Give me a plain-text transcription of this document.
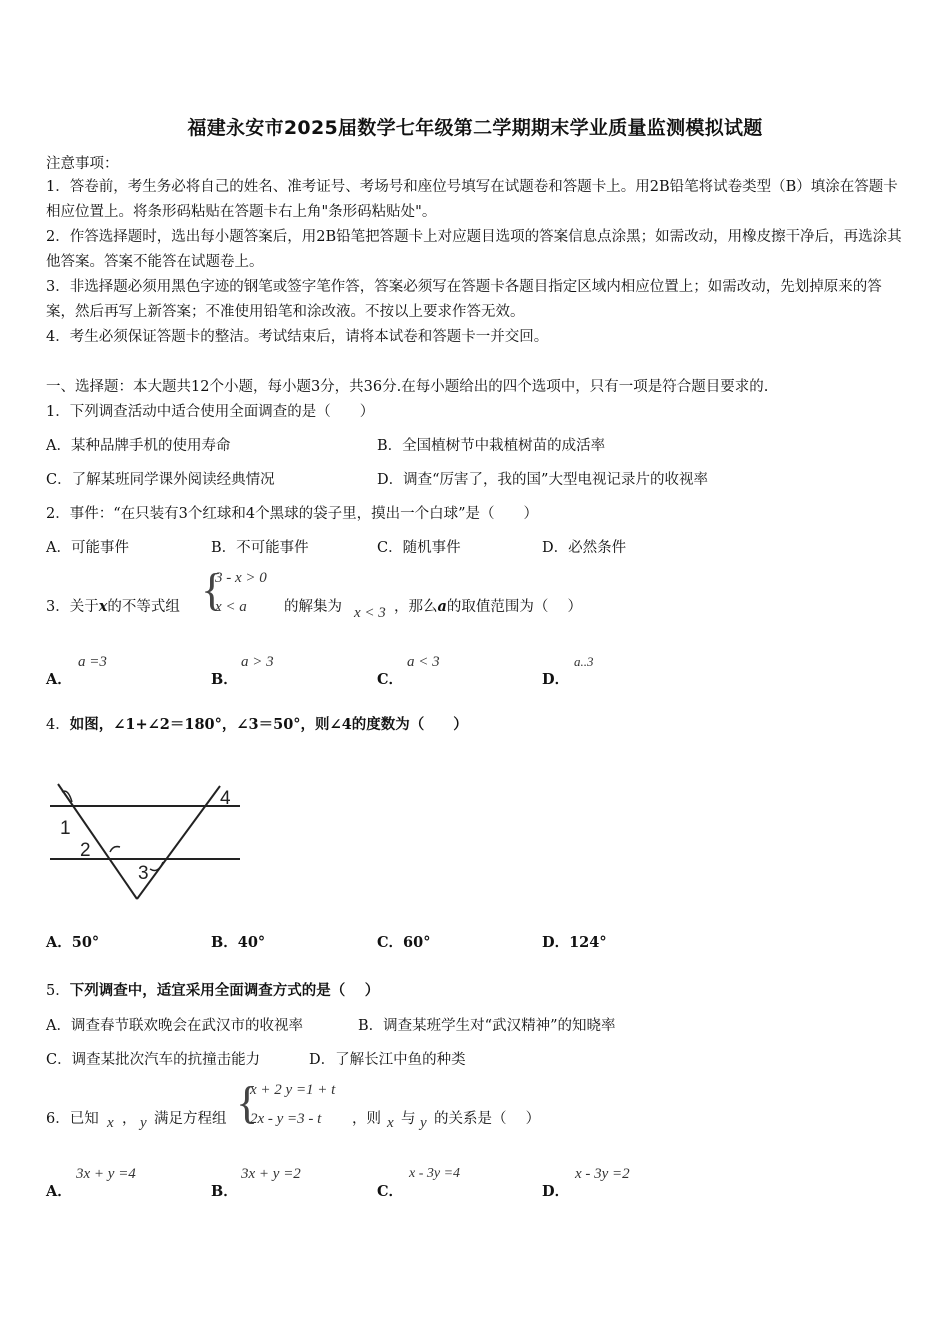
福建永安市2025届数学七年级第二学期期末学业质量监测模拟试题
注意事项：
1．答卷前，考生务必将自己的姓名、准考证号、考场号和座位号填写在试题卷和答题卡上。用2B铅笔将试卷类型（B）填涂在答题卡相应位置上。将条形码粘贴在答题卡右上角"条形码粘贴处"。
2．作答选择题时，选出每小题答案后，用2B铅笔把答题卡上对应题目选项的答案信息点涂黑；如需改动，用橡皮擦干净后，再选涂其他答案。答案不能答在试题卷上。
3．非选择题必须用黑色字迹的钢笔或签字笔作答，答案必须写在答题卡各题目指定区域内相应位置上；如需改动，先划掉原来的答案，然后再写上新答案；不准使用铅笔和涂改液。不按以上要求作答无效。
4．考生必须保证答题卡的整洁。考试结束后，请将本试卷和答题卡一并交回。
一、选择题：本大题共12个小题，每小题3分，共36分.在每小题给出的四个选项中，只有一项是符合题目要求的.
1．下列调查活动中适合使用全面调查的是（　　）
A．某种品牌手机的使用寿命	B．全国植树节中栽植树苗的成活率
C．了解某班同学课外阅读经典情况	D．调查“厉害了，我的国”大型电视记录片的收视率
2．事件：“在只装有3个红球和4个黑球的袋子里，摸出一个白球”是（　　）
A．可能事件	B．不可能事件	C．随机事件	D．必然条件
3．关于x的不等式组 {
3 - x > 0
x < a	的解集为 x < 3 ，那么a的取值范围为（　 ）
A．
a =3
B．
a > 3
C．
a < 3
D．
a..3
4．如图，∠1+∠2＝180°，∠3＝50°，则∠4的度数为（　　）
1
2
3
4
A．50°	B．40°	C．60°	D．124°
5．下列调查中，适宜采用全面调查方式的是（　 ）
A．调查春节联欢晚会在武汉市的收视率	B．调查某班学生对“武汉精神”的知晓率
C．调查某批次汽车的抗撞击能力	D．了解长江中鱼的种类
6．已知 x ， y 满足方程组 {
x + 2 y =1 + t
2x - y =3 - t ，则 x 与 y 的关系是（　 ）
A．
3x + y =4
B．
3x + y =2
C．
x - 3y =4
D．
x - 3y =2
